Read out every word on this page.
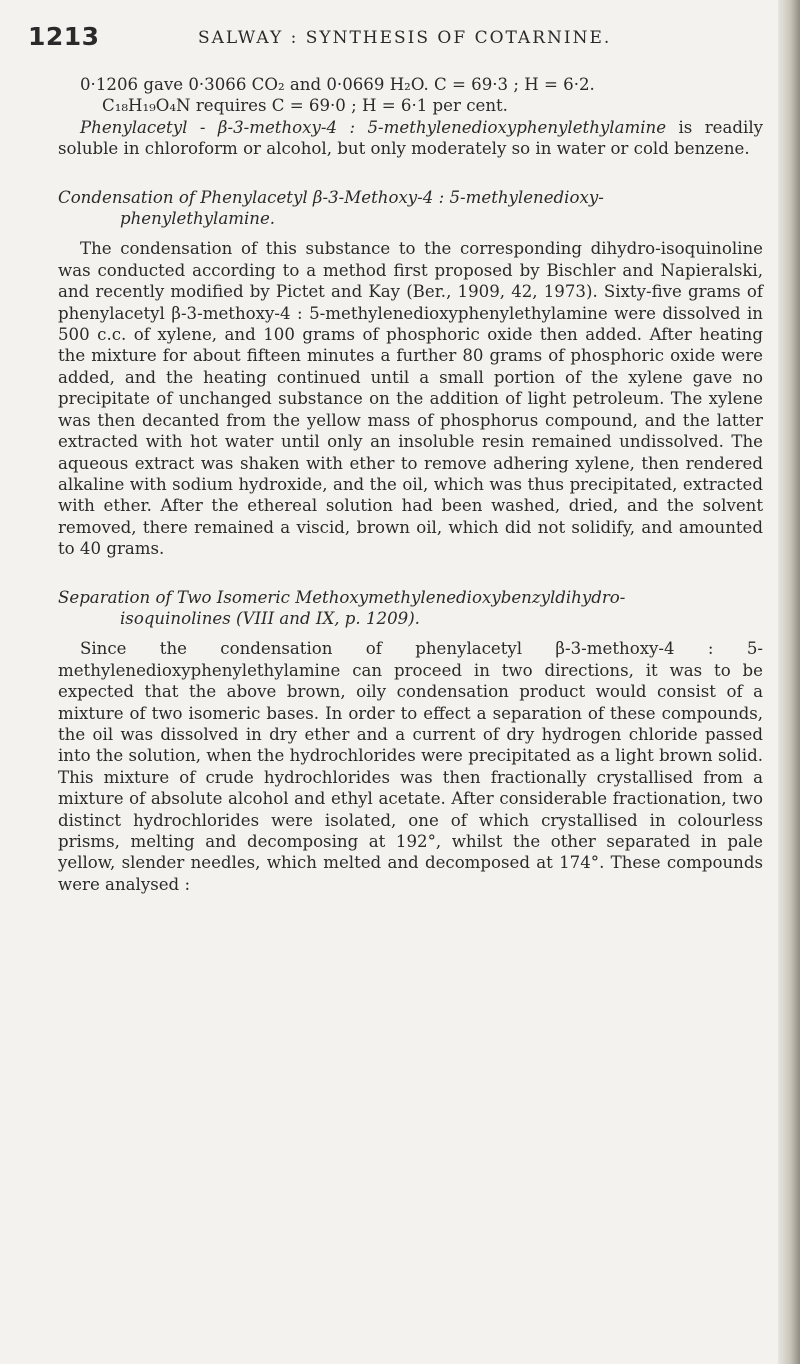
1213	SALWAY : SYNTHESIS OF COTARNINE.

0·1206 gave 0·3066 CO₂ and 0·0669 H₂O. C = 69·3 ; H = 6·2.

C₁₈H₁₉O₄N requires C = 69·0 ; H = 6·1 per cent.

Phenylacetyl - β-3-methoxy-4 : 5-methylenedioxyphenylethylamine is readily soluble in chloroform or alcohol, but only moderately so in water or cold benzene.

Condensation of Phenylacetyl β-3-Methoxy-4 : 5-methylenedioxy-
phenylethylamine.

The condensation of this substance to the corresponding dihydro-isoquinoline was conducted according to a method first proposed by Bischler and Napieralski, and recently modified by Pictet and Kay (Ber., 1909, 42, 1973). Sixty-five grams of phenylacetyl β-3-methoxy-4 : 5-methylenedioxyphenylethylamine were dissolved in 500 c.c. of xylene, and 100 grams of phosphoric oxide then added. After heating the mixture for about fifteen minutes a further 80 grams of phosphoric oxide were added, and the heating continued until a small portion of the xylene gave no precipitate of unchanged substance on the addition of light petroleum. The xylene was then decanted from the yellow mass of phosphorus compound, and the latter extracted with hot water until only an insoluble resin remained undissolved. The aqueous extract was shaken with ether to remove adhering xylene, then rendered alkaline with sodium hydroxide, and the oil, which was thus precipitated, extracted with ether. After the ethereal solution had been washed, dried, and the solvent removed, there remained a viscid, brown oil, which did not solidify, and amounted to 40 grams.

Separation of Two Isomeric Methoxymethylenedioxybenzyldihydro-
isoquinolines (VIII and IX, p. 1209).

Since the condensation of phenylacetyl β-3-methoxy-4 : 5-methylenedioxyphenylethylamine can proceed in two directions, it was to be expected that the above brown, oily condensation product would consist of a mixture of two isomeric bases. In order to effect a separation of these compounds, the oil was dissolved in dry ether and a current of dry hydrogen chloride passed into the solution, when the hydrochlorides were precipitated as a light brown solid. This mixture of crude hydrochlorides was then fractionally crystallised from a mixture of absolute alcohol and ethyl acetate. After considerable fractionation, two distinct hydrochlorides were isolated, one of which crystallised in colourless prisms, melting and decomposing at 192°, whilst the other separated in pale yellow, slender needles, which melted and decomposed at 174°. These compounds were analysed :
